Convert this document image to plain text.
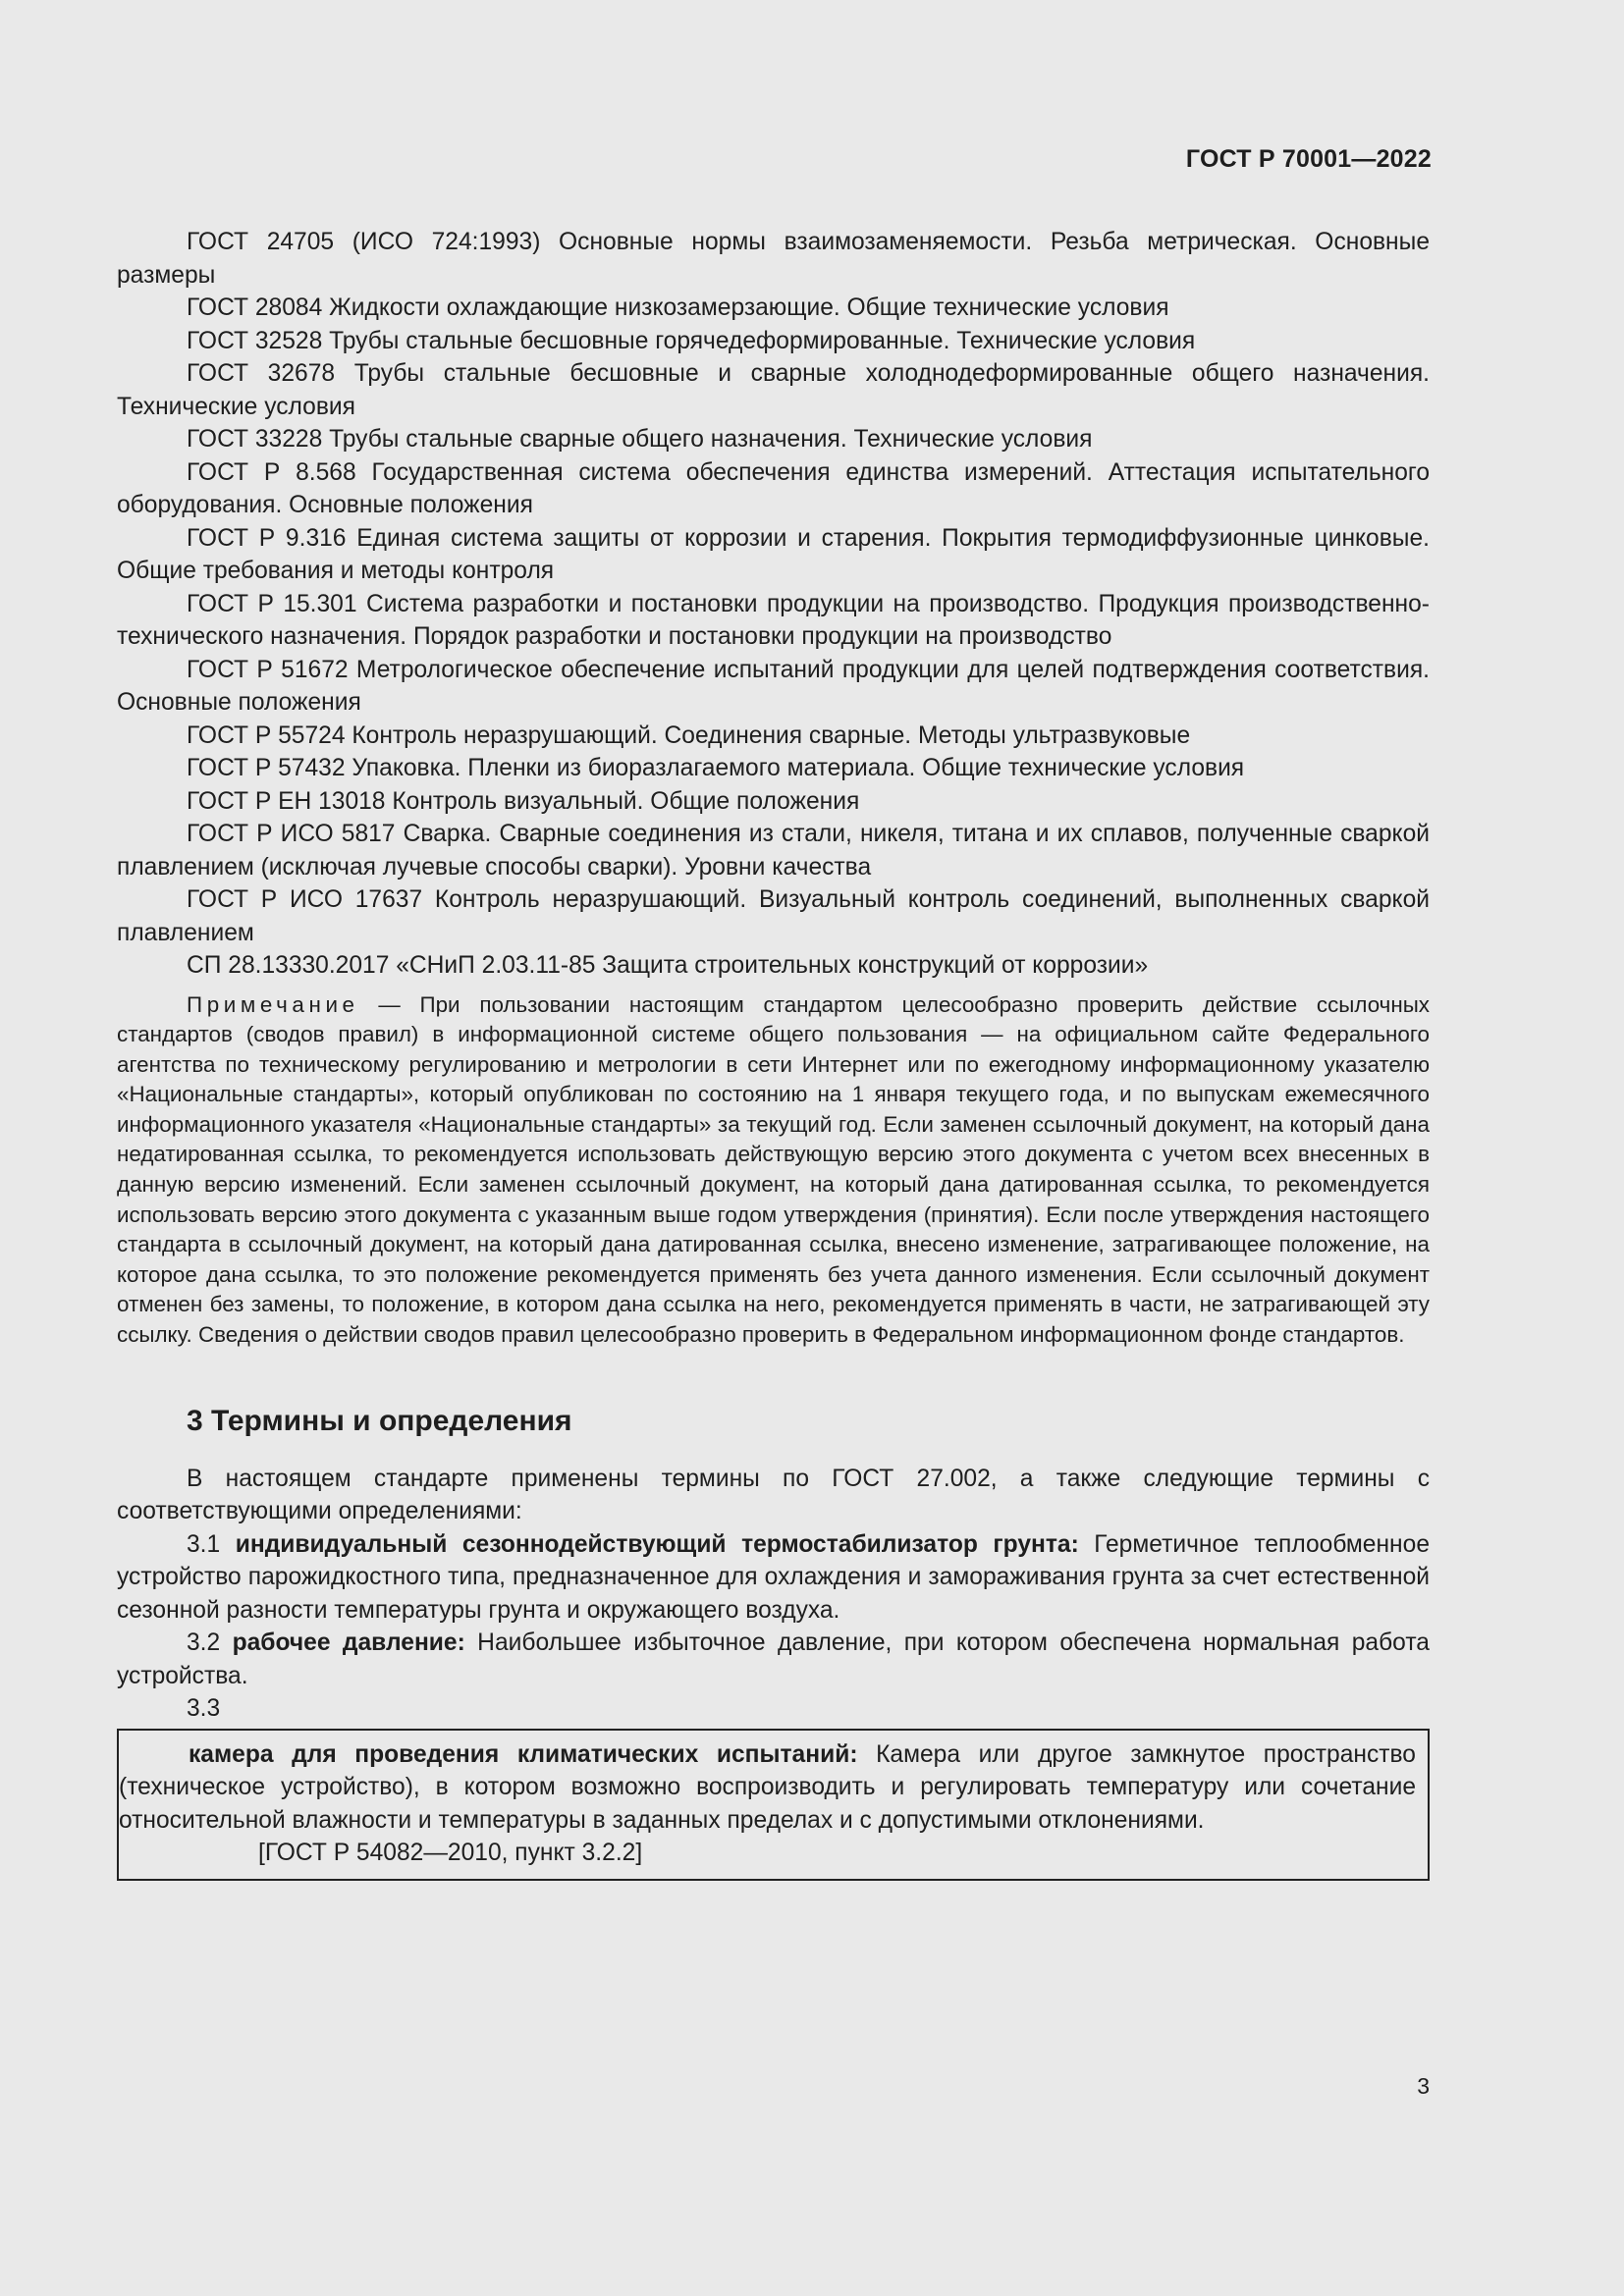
ГОСТ Р 70001—2022

ГОСТ 24705 (ИСО 724:1993) Основные нормы взаимозаменяемости. Резьба метрическая. Основные размеры

ГОСТ 28084 Жидкости охлаждающие низкозамерзающие. Общие технические условия

ГОСТ 32528 Трубы стальные бесшовные горячедеформированные. Технические условия

ГОСТ 32678 Трубы стальные бесшовные и сварные холоднодеформированные общего назначения. Технические условия

ГОСТ 33228 Трубы стальные сварные общего назначения. Технические условия

ГОСТ Р 8.568 Государственная система обеспечения единства измерений. Аттестация испытательного оборудования. Основные положения

ГОСТ Р 9.316 Единая система защиты от коррозии и старения. Покрытия термодиффузионные цинковые. Общие требования и методы контроля

ГОСТ Р 15.301 Система разработки и постановки продукции на производство. Продукция производственно-технического назначения. Порядок разработки и постановки продукции на производство

ГОСТ Р 51672 Метрологическое обеспечение испытаний продукции для целей подтверждения соответствия. Основные положения

ГОСТ Р 55724 Контроль неразрушающий. Соединения сварные. Методы ультразвуковые

ГОСТ Р 57432 Упаковка. Пленки из биоразлагаемого материала. Общие технические условия

ГОСТ Р ЕН 13018 Контроль визуальный. Общие положения

ГОСТ Р ИСО 5817 Сварка. Сварные соединения из стали, никеля, титана и их сплавов, полученные сваркой плавлением (исключая лучевые способы сварки). Уровни качества

ГОСТ Р ИСО 17637 Контроль неразрушающий. Визуальный контроль соединений, выполненных сваркой плавлением

СП 28.13330.2017 «СНиП 2.03.11-85 Защита строительных конструкций от коррозии»

Примечание — При пользовании настоящим стандартом целесообразно проверить действие ссылочных стандартов (сводов правил) в информационной системе общего пользования — на официальном сайте Федерального агентства по техническому регулированию и метрологии в сети Интернет или по ежегодному информационному указателю «Национальные стандарты», который опубликован по состоянию на 1 января текущего года, и по выпускам ежемесячного информационного указателя «Национальные стандарты» за текущий год. Если заменен ссылочный документ, на который дана недатированная ссылка, то рекомендуется использовать действующую версию этого документа с учетом всех внесенных в данную версию изменений. Если заменен ссылочный документ, на который дана датированная ссылка, то рекомендуется использовать версию этого документа с указанным выше годом утверждения (принятия). Если после утверждения настоящего стандарта в ссылочный документ, на который дана датированная ссылка, внесено изменение, затрагивающее положение, на которое дана ссылка, то это положение рекомендуется применять без учета данного изменения. Если ссылочный документ отменен без замены, то положение, в котором дана ссылка на него, рекомендуется применять в части, не затрагивающей эту ссылку. Сведения о действии сводов правил целесообразно проверить в Федеральном информационном фонде стандартов.

3 Термины и определения

В настоящем стандарте применены термины по ГОСТ 27.002, а также следующие термины с соответствующими определениями:

3.1 индивидуальный сезоннодействующий термостабилизатор грунта: Герметичное теплообменное устройство парожидкостного типа, предназначенное для охлаждения и замораживания грунта за счет естественной сезонной разности температуры грунта и окружающего воздуха.

3.2 рабочее давление: Наибольшее избыточное давление, при котором обеспечена нормальная работа устройства.

3.3

камера для проведения климатических испытаний: Камера или другое замкнутое пространство (техническое устройство), в котором возможно воспроизводить и регулировать температуру или сочетание относительной влажности и температуры в заданных пределах и с допустимыми отклонениями.

[ГОСТ Р 54082—2010, пункт 3.2.2]

3
